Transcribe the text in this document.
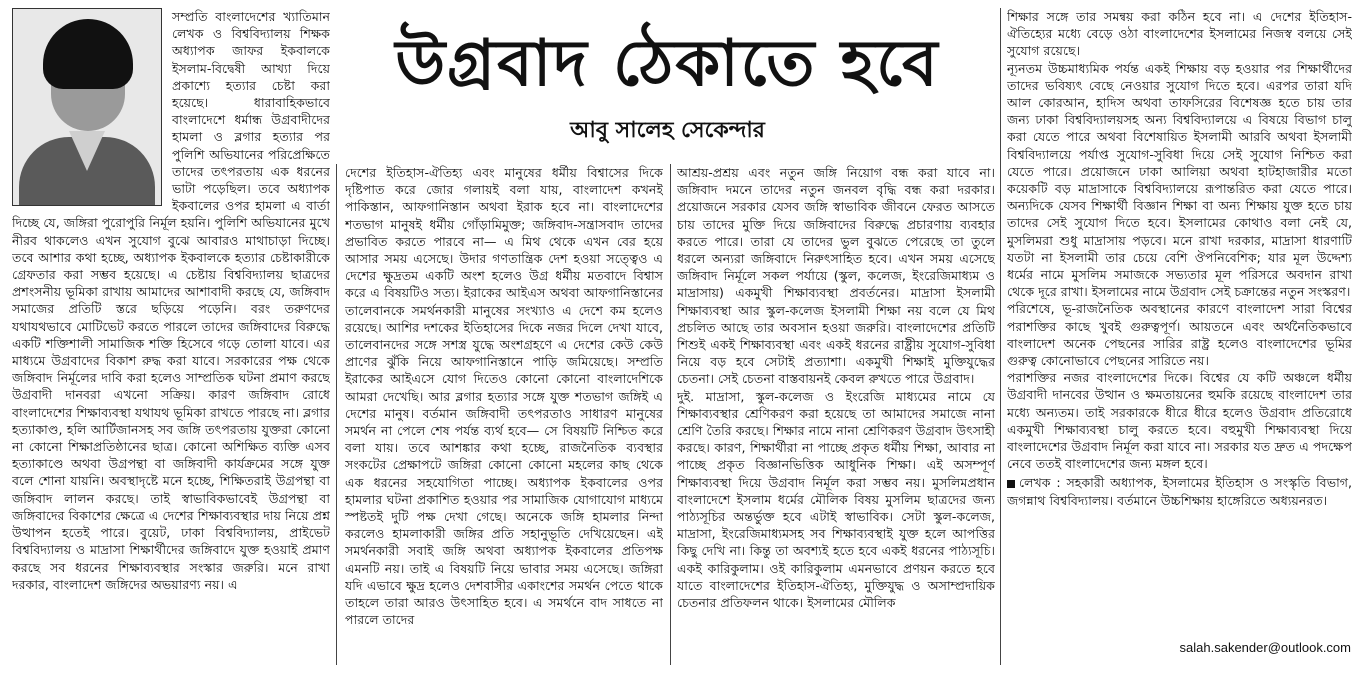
সম্প্রতি বাংলাদেশের খ্যাতিমান লেখক ও বিশ্ববিদ্যালয় শিক্ষক অধ্যাপক জাফর ইকবালকে ইসলাম-বিদ্বেষী আখ্যা দিয়ে প্রকাশ্যে হত্যার চেষ্টা করা হয়েছে। ধারাবাহিকভাবে বাংলাদেশে ধর্মান্ধ উগ্রবাদীদের হামলা ও ব্লগার হত্যার পর পুলিশি অভিযানের পরিপ্রেক্ষিতে তাদের তৎপরতায় এক ধরনের ভাটা পড়েছিল। তবে অধ্যাপক ইকবালের ওপর হামলা এ বার্তা দিচ্ছে যে, জঙ্গিরা পুরোপুরি নির্মূল হয়নি। পুলিশি অভিযানের মুখে নীরব থাকলেও এখন সুযোগ বুঝে আবারও মাথাচাড়া দিচ্ছে। তবে আশার কথা হচ্ছে, অধ্যাপক ইকবালকে হত্যার চেষ্টাকারীকে গ্রেফতার করা সম্ভব হয়েছে। এ চেষ্টায় বিশ্ববিদ্যালয় ছাত্রদের প্রশংসনীয় ভূমিকা রাখায় আমাদের আশাবাদী করছে যে, জঙ্গিবাদ সমাজের প্রতিটি স্তরে ছড়িয়ে পড়েনি। বরং তরুণদের যথাযথভাবে মোটিভেট করতে পারলে তাদের জঙ্গিবাদের বিরুদ্ধে একটি শক্তিশালী সামাজিক শক্তি হিসেবে গড়ে তোলা যাবে। এর মাধ্যমে উগ্রবাদের বিকাশ রুদ্ধ করা যাবে। সরকারের পক্ষ থেকে জঙ্গিবাদ নির্মূলের দাবি করা হলেও সাম্প্রতিক ঘটনা প্রমাণ করছে উগ্রবাদী দানবরা এখনো সক্রিয়। কারণ জঙ্গিবাদ রোধে বাংলাদেশের শিক্ষাব্যবস্থা যথাযথ ভূমিকা রাখতে পারছে না। ব্লগার হত্যাকাণ্ড, হলি আর্টিজানসহ সব জঙ্গি তৎপরতায় যুক্তরা কোনো না কোনো শিক্ষাপ্রতিষ্ঠানের ছাত্র। কোনো অশিক্ষিত ব্যক্তি এসব হত্যাকাণ্ডে অথবা উগ্রপন্থা বা জঙ্গিবাদী কার্যক্রমের সঙ্গে যুক্ত বলে শোনা যায়নি। অবস্থাদৃষ্টে মনে হচ্ছে, শিক্ষিতরাই উগ্রপন্থা বা জঙ্গিবাদ লালন করছে। তাই স্বাভাবিকভাবেই উগ্রপন্থা বা জঙ্গিবাদের বিকাশের ক্ষেত্রে এ দেশের শিক্ষাব্যবস্থার দায় নিয়ে প্রশ্ন উত্থাপন হতেই পারে। বুয়েট, ঢাকা বিশ্ববিদ্যালয়, প্রাইভেট বিশ্ববিদ্যালয় ও মাদ্রাসা শিক্ষার্থীদের জঙ্গিবাদে যুক্ত হওয়াই প্রমাণ করছে সব ধরনের শিক্ষাব্যবস্থার সংস্কার জরুরি। মনে রাখা দরকার, বাংলাদেশ জঙ্গিদের অভয়ারণ্য নয়। এ

উগ্রবাদ ঠেকাতে হবে
আবু সালেহ সেকেন্দার

দেশের ইতিহাস-ঐতিহ্য এবং মানুষের ধর্মীয় বিশ্বাসের দিকে দৃষ্টিপাত করে জোর গলায়ই বলা যায়, বাংলাদেশ কখনই পাকিস্তান, আফগানিস্তান অথবা ইরাক হবে না। বাংলাদেশের শতভাগ মানুষই ধর্মীয় গোঁড়ামিমুক্ত; জঙ্গিবাদ-সন্ত্রাসবাদ তাদের প্রভাবিত করতে পারবে না— এ মিথ থেকে এখন বের হয়ে আসার সময় এসেছে। উদার গণতান্ত্রিক দেশ হওয়া সত্ত্বেও এ দেশের ক্ষুদ্রতম একটি অংশ হলেও উগ্র ধর্মীয় মতবাদে বিশ্বাস করে এ বিষয়টিও সত্য। ইরাকের আইএস অথবা আফগানিস্তানের তালেবানকে সমর্থনকারী মানুষের সংখ্যাও এ দেশে কম হলেও রয়েছে। আশির দশকের ইতিহাসের দিকে নজর দিলে দেখা যাবে, তালেবানদের সঙ্গে সশস্ত্র যুদ্ধে অংশগ্রহণে এ দেশের কেউ কেউ প্রাণের ঝুঁকি নিয়ে আফগানিস্তানে পাড়ি জমিয়েছে। সম্প্রতি ইরাকের আইএসে যোগ দিতেও কোনো কোনো বাংলাদেশিকে আমরা দেখেছি। আর ব্লগার হত্যার সঙ্গে যুক্ত শতভাগ জঙ্গিই এ দেশের মানুষ। বর্তমান জঙ্গিবাদী তৎপরতাও সাধারণ মানুষের সমর্থন না পেলে শেষ পর্যন্ত ব্যর্থ হবে— সে বিষয়টি নিশ্চিত করে বলা যায়। তবে আশঙ্কার কথা হচ্ছে, রাজনৈতিক ব্যবস্থার সংকটের প্রেক্ষাপটে জঙ্গিরা কোনো কোনো মহলের কাছ থেকে এক ধরনের সহযোগিতা পাচ্ছে। অধ্যাপক ইকবালের ওপর হামলার ঘটনা প্রকাশিত হওয়ার পর সামাজিক যোগাযোগ মাধ্যমে স্পষ্টতই দুটি পক্ষ দেখা গেছে। অনেকে জঙ্গি হামলার নিন্দা করলেও হামলাকারী জঙ্গির প্রতি সহানুভূতি দেখিয়েছেন। এই সমর্থনকারী সবাই জঙ্গি অথবা অধ্যাপক ইকবালের প্রতিপক্ষ এমনটি নয়। তাই এ বিষয়টি নিয়ে ভাবার সময় এসেছে। জঙ্গিরা যদি এভাবে ক্ষুদ্র হলেও দেশবাসীর একাংশের সমর্থন পেতে থাকে তাহলে তারা আরও উৎসাহিত হবে। এ সমর্থনে বাদ সাধতে না পারলে তাদের

আশ্রয়-প্রশ্রয় এবং নতুন জঙ্গি নিয়োগ বন্ধ করা যাবে না। জঙ্গিবাদ দমনে তাদের নতুন জনবল বৃদ্ধি বন্ধ করা দরকার। প্রয়োজনে সরকার যেসব জঙ্গি স্বাভাবিক জীবনে ফেরত আসতে চায় তাদের মুক্তি দিয়ে জঙ্গিবাদের বিরুদ্ধে প্রচারণায় ব্যবহার করতে পারে। তারা যে তাদের ভুল বুঝতে পেরেছে তা তুলে ধরলে অন্যরা জঙ্গিবাদে নিরুৎসাহিত হবে। এখন সময় এসেছে জঙ্গিবাদ নির্মূলে সকল পর্যায়ে (স্কুল, কলেজ, ইংরেজিমাধ্যম ও মাদ্রাসায়) একমুখী শিক্ষাব্যবস্থা প্রবর্তনের। মাদ্রাসা ইসলামী শিক্ষাব্যবস্থা আর স্কুল-কলেজ ইসলামী শিক্ষা নয় বলে যে মিথ প্রচলিত আছে তার অবসান হওয়া জরুরি। বাংলাদেশের প্রতিটি শিশুই একই শিক্ষাব্যবস্থা এবং একই ধরনের রাষ্ট্রীয় সুযোগ-সুবিধা নিয়ে বড় হবে সেটাই প্রত্যাশা। একমুখী শিক্ষাই মুক্তিযুদ্ধের চেতনা। সেই চেতনা বাস্তবায়নই কেবল রুখতে পারে উগ্রবাদ।

দুই. মাদ্রাসা, স্কুল-কলেজ ও ইংরেজি মাধ্যমের নামে যে শিক্ষাব্যবস্থার শ্রেণিকরণ করা হয়েছে তা আমাদের সমাজে নানা শ্রেণি তৈরি করছে। শিক্ষার নামে নানা শ্রেণিকরণ উগ্রবাদ উৎসাহী করছে। কারণ, শিক্ষার্থীরা না পাচ্ছে প্রকৃত ধর্মীয় শিক্ষা, আবার না পাচ্ছে প্রকৃত বিজ্ঞানভিত্তিক আধুনিক শিক্ষা। এই অসম্পূর্ণ শিক্ষাব্যবস্থা দিয়ে উগ্রবাদ নির্মূল করা সম্ভব নয়। মুসলিমপ্রধান বাংলাদেশে ইসলাম ধর্মের মৌলিক বিষয় মুসলিম ছাত্রদের জন্য পাঠ্যসূচির অন্তর্ভুক্ত হবে এটাই স্বাভাবিক। সেটা স্কুল-কলেজ, মাদ্রাসা, ইংরেজিমাধ্যমসহ সব শিক্ষাব্যবস্থাই যুক্ত হলে আপত্তির কিছু দেখি না। কিন্তু তা অবশ্যই হতে হবে একই ধরনের পাঠ্যসূচি। একই কারিকুলাম। ওই কারিকুলাম এমনভাবে প্রণয়ন করতে হবে যাতে বাংলাদেশের ইতিহাস-ঐতিহ্য, মুক্তিযুদ্ধ ও অসাম্প্রদায়িক চেতনার প্রতিফলন থাকে। ইসলামের মৌলিক

শিক্ষার সঙ্গে তার সমন্বয় করা কঠিন হবে না। এ দেশের ইতিহাস-ঐতিহ্যের মধ্যে বেড়ে ওঠা বাংলাদেশের ইসলামের নিজস্ব বলয়ে সেই সুযোগ রয়েছে।

ন্যূনতম উচ্চমাধ্যমিক পর্যন্ত একই শিক্ষায় বড় হওয়ার পর শিক্ষার্থীদের তাদের ভবিষ্যৎ বেছে নেওয়ার সুযোগ দিতে হবে। এরপর তারা যদি আল কোরআন, হাদিস অথবা তাফসিরের বিশেষজ্ঞ হতে চায় তার জন্য ঢাকা বিশ্ববিদ্যালয়সহ অন্য বিশ্ববিদ্যালয়ে এ বিষয়ে বিভাগ চালু করা যেতে পারে অথবা বিশেষায়িত ইসলামী আরবি অথবা ইসলামী বিশ্ববিদ্যালয়ে পর্যাপ্ত সুযোগ-সুবিধা দিয়ে সেই সুযোগ নিশ্চিত করা যেতে পারে। প্রয়োজনে ঢাকা আলিয়া অথবা হাটহাজারীর মতো কয়েকটি বড় মাদ্রাসাকে বিশ্ববিদ্যালয়ে রূপান্তরিত করা যেতে পারে। অন্যদিকে যেসব শিক্ষার্থী বিজ্ঞান শিক্ষা বা অন্য শিক্ষায় যুক্ত হতে চায় তাদের সেই সুযোগ দিতে হবে। ইসলামের কোথাও বলা নেই যে, মুসলিমরা শুধু মাদ্রাসায় পড়বে। মনে রাখা দরকার, মাদ্রাসা ধারণাটি যতটা না ইসলামী তার চেয়ে বেশি ঔপনিবেশিক; যার মূল উদ্দেশ্য ধর্মের নামে মুসলিম সমাজকে সভ্যতার মূল পরিসরে অবদান রাখা থেকে দূরে রাখা। ইসলামের নামে উগ্রবাদ সেই চক্রান্তের নতুন সংস্করণ।

পরিশেষে, ভূ-রাজনৈতিক অবস্থানের কারণে বাংলাদেশ সারা বিশ্বের পরাশক্তির কাছে খুবই গুরুত্বপূর্ণ। আয়তনে এবং অর্থনৈতিকভাবে বাংলাদেশ অনেক পেছনের সারির রাষ্ট্র হলেও বাংলাদেশের ভূমির গুরুত্ব কোনোভাবে পেছনের সারিতে নয়।

পরাশক্তির নজর বাংলাদেশের দিকে। বিশ্বের যে কটি অঞ্চলে ধর্মীয় উগ্রবাদী দানবের উত্থান ও ক্ষমতায়নের হুমকি রয়েছে বাংলাদেশ তার মধ্যে অন্যতম। তাই সরকারকে ধীরে ধীরে হলেও উগ্রবাদ প্রতিরোধে একমুখী শিক্ষাব্যবস্থা চালু করতে হবে। বহুমুখী শিক্ষাব্যবস্থা দিয়ে বাংলাদেশের উগ্রবাদ নির্মূল করা যাবে না। সরকার যত দ্রুত এ পদক্ষেপ নেবে ততই বাংলাদেশের জন্য মঙ্গল হবে।

লেখক : সহকারী অধ্যাপক, ইসলামের ইতিহাস ও সংস্কৃতি বিভাগ, জগন্নাথ বিশ্ববিদ্যালয়। বর্তমানে উচ্চশিক্ষায় হাঙ্গেরিতে অধ্যয়নরত।
salah.sakender@outlook.com
